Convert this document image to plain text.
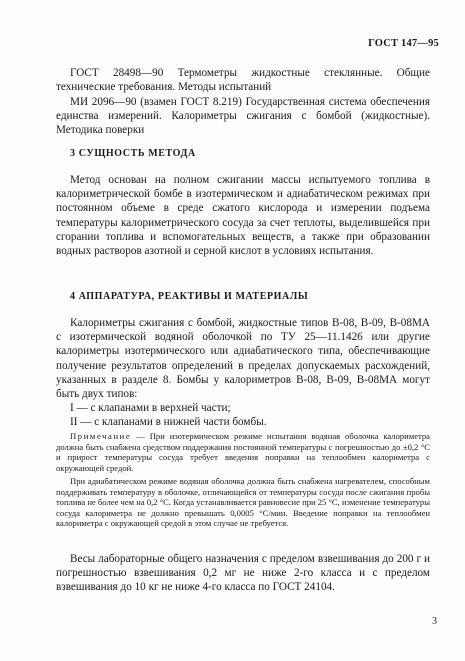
ГОСТ 147—95

ГОСТ 28498—90 Термометры жидкостные стеклянные. Общие технические требования. Методы испытаний

МИ 2096—90 (взамен ГОСТ 8.219) Государственная система обеспечения единства измерений. Калориметры сжигания с бомбой (жидкостные). Методика поверки

3 СУЩНОСТЬ МЕТОДА

Метод основан на полном сжигании массы испытуемого топлива в калориметрической бомбе в изотермическом и адиабатическом режимах при постоянном объеме в среде сжатого кислорода и измерении подъема температуры калориметрического сосуда за счет теплоты, выделившейся при сгорании топлива и вспомогательных веществ, а также при образовании водных растворов азотной и серной кислот в условиях испытания.

4 АППАРАТУРА, РЕАКТИВЫ И МАТЕРИАЛЫ

Калориметры сжигания с бомбой, жидкостные типов В-08, В-09, В-08МА с изотермической водяной оболочкой по ТУ 25—11.1426 или другие калориметры изотермического или адиабатического типа, обеспечивающие получение результатов определений в пределах допускаемых расхождений, указанных в разделе 8. Бомбы у калориметров В-08, В-09, В-08МА могут быть двух типов:

I — с клапанами в верхней части;

II — с клапанами в нижней части бомбы.

Примечание — При изотермическом режиме испытания водяная оболочка калориметра должна быть снабжена средством поддержания постоянной температуры с погрешностью до ±0,2 °С и прирост температуры сосуда требует введения поправки на теплообмен калориметра с окружающей средой.

При адиабатическом режиме водяная оболочка должна быть снабжена нагревателем, способным поддерживать температуру в оболочке, отличающейся от температуры сосуда после сжигания пробы топлива не более чем на 0,2 °С. Когда устанавливается равновесие при 25 °С, изменение температуры сосуда калориметра не должно превышать 0,0005 °С/мин. Введение поправки на теплообмен калориметра с окружающей средой в этом случае не требуется.

Весы лабораторные общего назначения с пределом взвешивания до 200 г и погрешностью взвешивания 0,2 мг не ниже 2-го класса и с пределом взвешивания до 10 кг не ниже 4-го класса по ГОСТ 24104.

3
